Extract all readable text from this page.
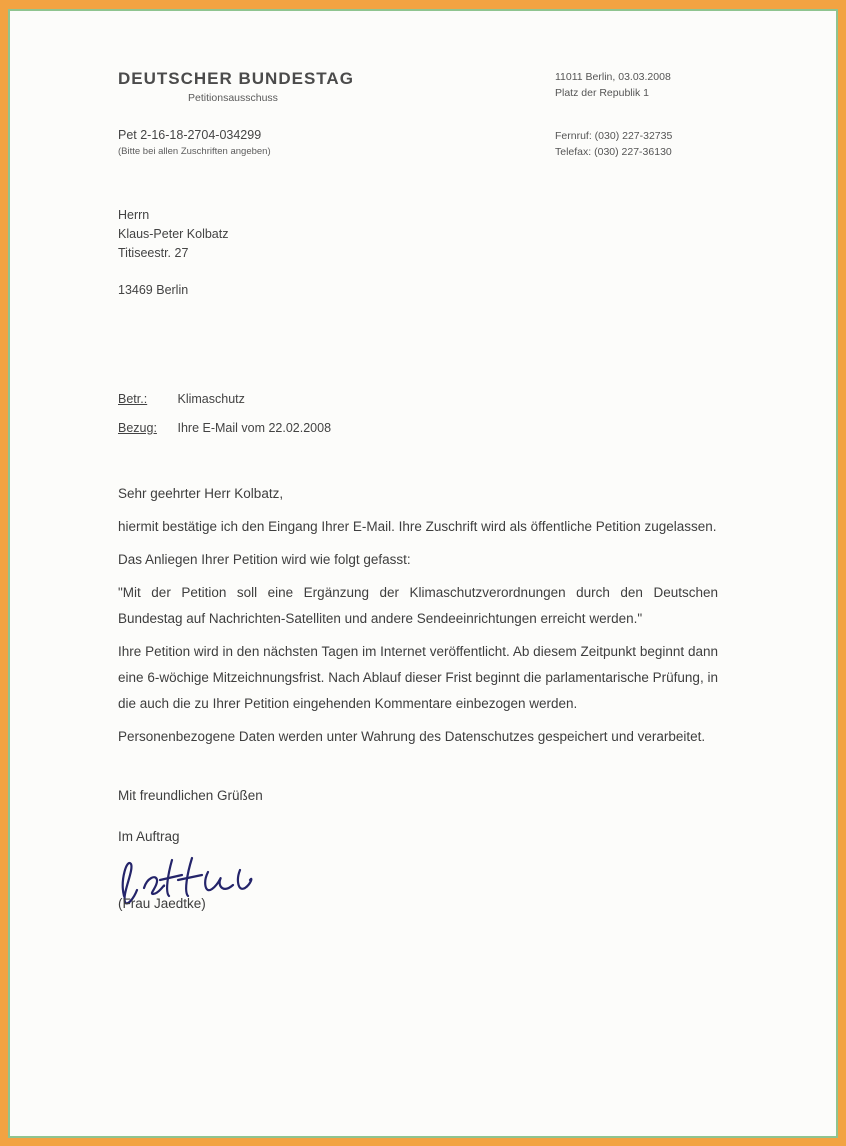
DEUTSCHER BUNDESTAG
Petitionsausschuss
11011 Berlin, 03.03.2008
Platz der Republik 1
Pet 2-16-18-2704-034299
(Bitte bei allen Zuschriften angeben)
Fernruf: (030) 227-32735
Telefax: (030) 227-36130
Herrn
Klaus-Peter Kolbatz
Titiseestr. 27
13469 Berlin
Betr.: Klimaschutz
Bezug: Ihre E-Mail vom 22.02.2008

Sehr geehrter Herr Kolbatz,

hiermit bestätige ich den Eingang Ihrer E-Mail. Ihre Zuschrift wird als öffentliche Petition zugelassen.

Das Anliegen Ihrer Petition wird wie folgt gefasst:

"Mit der Petition soll eine Ergänzung der Klimaschutzverordnungen durch den Deutschen Bundestag auf Nachrichten-Satelliten und andere Sendeeinrichtungen erreicht werden."

Ihre Petition wird in den nächsten Tagen im Internet veröffentlicht. Ab diesem Zeitpunkt beginnt dann eine 6-wöchige Mitzeichnungsfrist. Nach Ablauf dieser Frist beginnt die parlamentarische Prüfung, in die auch die zu Ihrer Petition eingehenden Kommentare einbezogen werden.

Personenbezogene Daten werden unter Wahrung des Datenschutzes gespeichert und verarbeitet.

Mit freundlichen Grüßen

Im Auftrag

(Frau Jaedtke)
